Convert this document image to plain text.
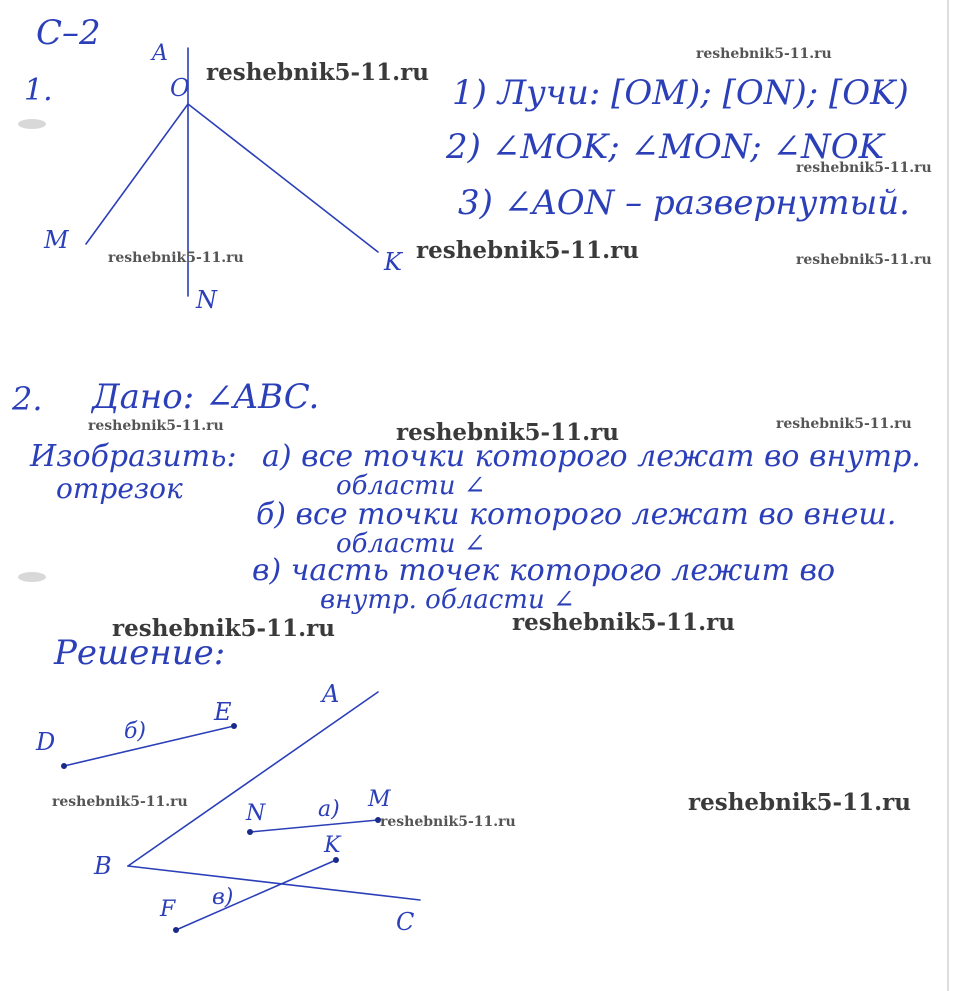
С–2
1.
A
O
M
N
K
1) Лучи: [OM); [ON); [OK)
2) ∠MOK; ∠MON; ∠NOK
3) ∠AON – развернутый.
2. Дано: ∠ABC.
Изобразить:
отрезок
а) все точки которого лежат во внутр.
области ∠
б) все точки которого лежат во внеш.
области ∠
в) часть точек которого лежит во
внутр. области ∠
Решение:
A
B
C
D
E
б)
N а) M
K
в)
F
reshebnik5-11.ru
reshebnik5-11.ru
reshebnik5-11.ru
reshebnik5-11.ru	reshebnik5-11.ru	reshebnik5-11.ru
reshebnik5-11.ru	reshebnik5-11.ru	reshebnik5-11.ru
reshebnik5-11.ru	reshebnik5-11.ru
reshebnik5-11.ru	reshebnik5-11.ru
reshebnik5-11.ru
